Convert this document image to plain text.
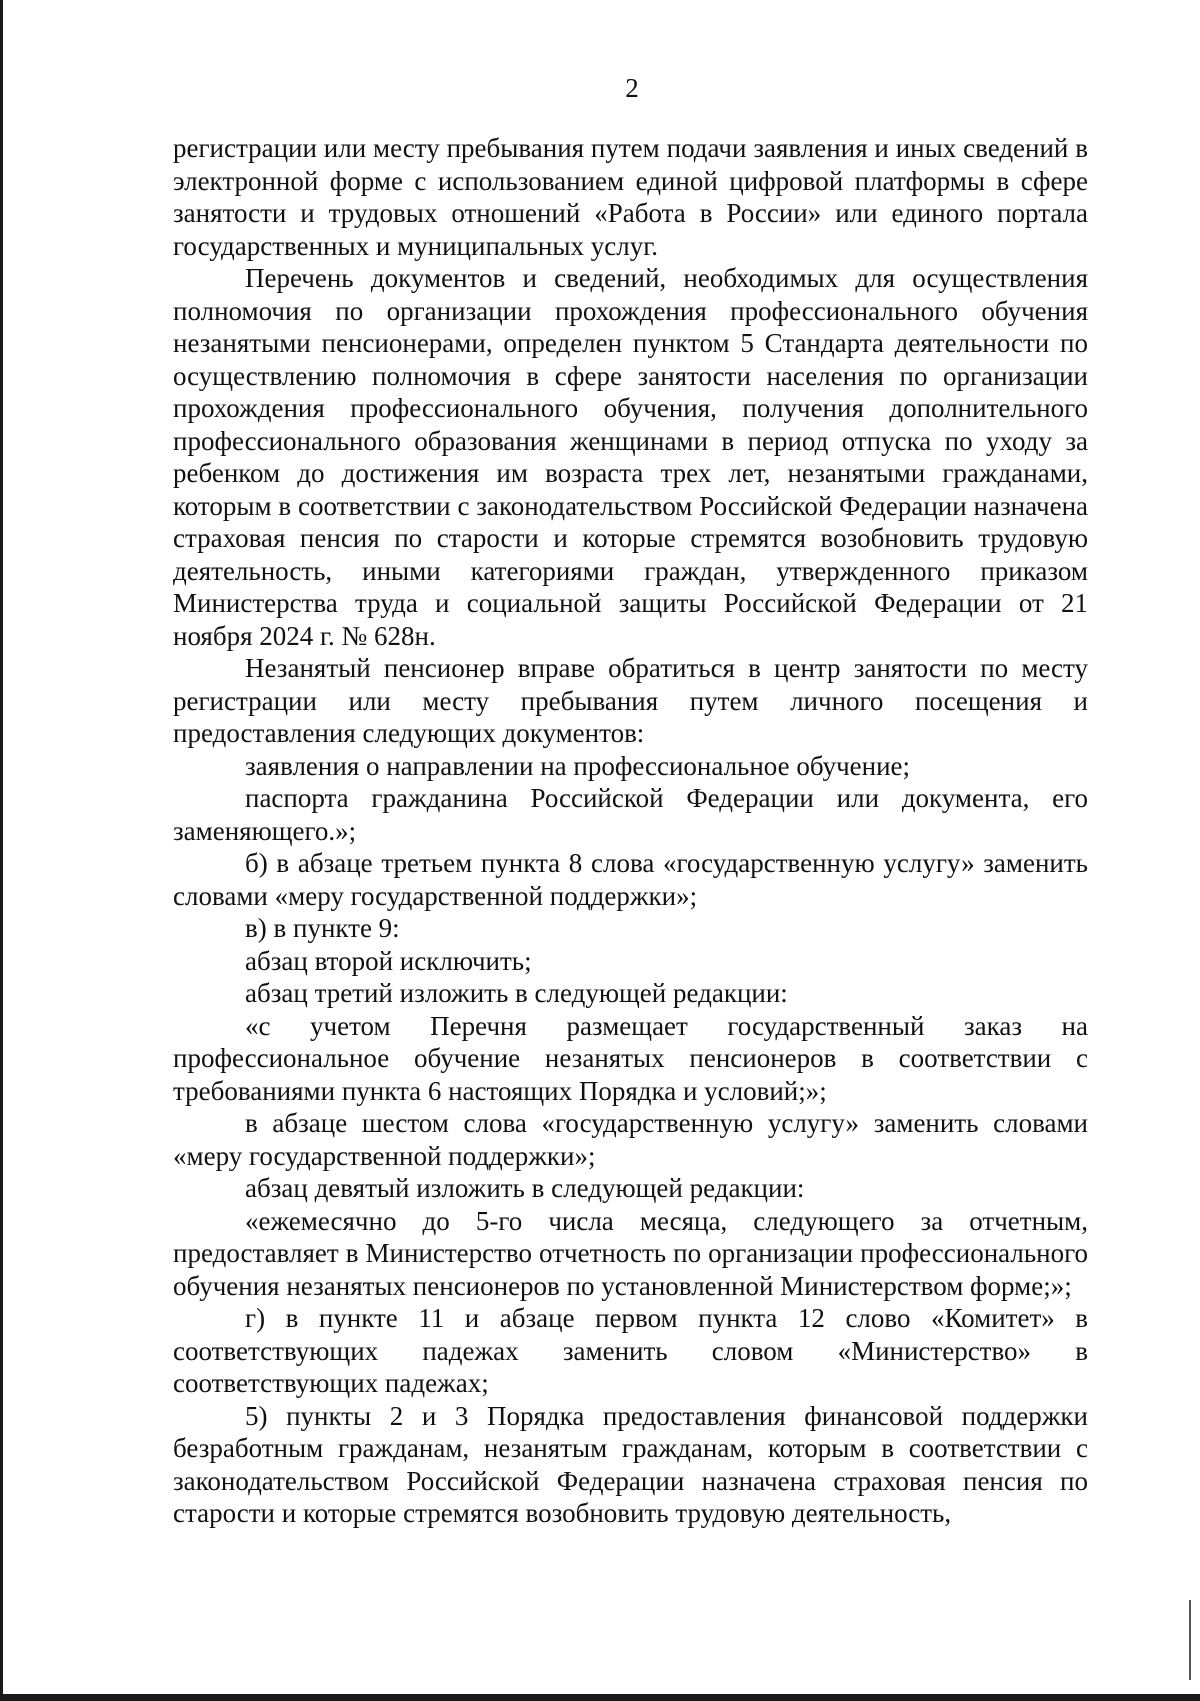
2

регистрации или месту пребывания путем подачи заявления и иных сведений в электронной форме с использованием единой цифровой платформы в сфере занятости и трудовых отношений «Работа в России» или единого портала государственных и муниципальных услуг.

Перечень документов и сведений, необходимых для осуществления полномочия по организации прохождения профессионального обучения незанятыми пенсионерами, определен пунктом 5 Стандарта деятельности по осуществлению полномочия в сфере занятости населения по организации прохождения профессионального обучения, получения дополнительного профессионального образования женщинами в период отпуска по уходу за ребенком до достижения им возраста трех лет, незанятыми гражданами, которым в соответствии с законодательством Российской Федерации назначена страховая пенсия по старости и которые стремятся возобновить трудовую деятельность, иными категориями граждан, утвержденного приказом Министерства труда и социальной защиты Российской Федерации от 21 ноября 2024 г. № 628н.

Незанятый пенсионер вправе обратиться в центр занятости по месту регистрации или месту пребывания путем личного посещения и предоставления следующих документов:

заявления о направлении на профессиональное обучение;

паспорта гражданина Российской Федерации или документа, его заменяющего.»;

б) в абзаце третьем пункта 8 слова «государственную услугу» заменить словами «меру государственной поддержки»;

в) в пункте 9:

абзац второй исключить;

абзац третий изложить в следующей редакции:

«с учетом Перечня размещает государственный заказ на профессиональное обучение незанятых пенсионеров в соответствии с требованиями пункта 6 настоящих Порядка и условий;»;

в абзаце шестом слова «государственную услугу» заменить словами «меру государственной поддержки»;

абзац девятый изложить в следующей редакции:

«ежемесячно до 5-го числа месяца, следующего за отчетным, предоставляет в Министерство отчетность по организации профессионального обучения незанятых пенсионеров по установленной Министерством форме;»;

г) в пункте 11 и абзаце первом пункта 12 слово «Комитет» в соответствующих падежах заменить словом «Министерство» в соответствующих падежах;

5) пункты 2 и 3 Порядка предоставления финансовой поддержки безработным гражданам, незанятым гражданам, которым в соответствии с законодательством Российской Федерации назначена страховая пенсия по старости и которые стремятся возобновить трудовую деятельность,
